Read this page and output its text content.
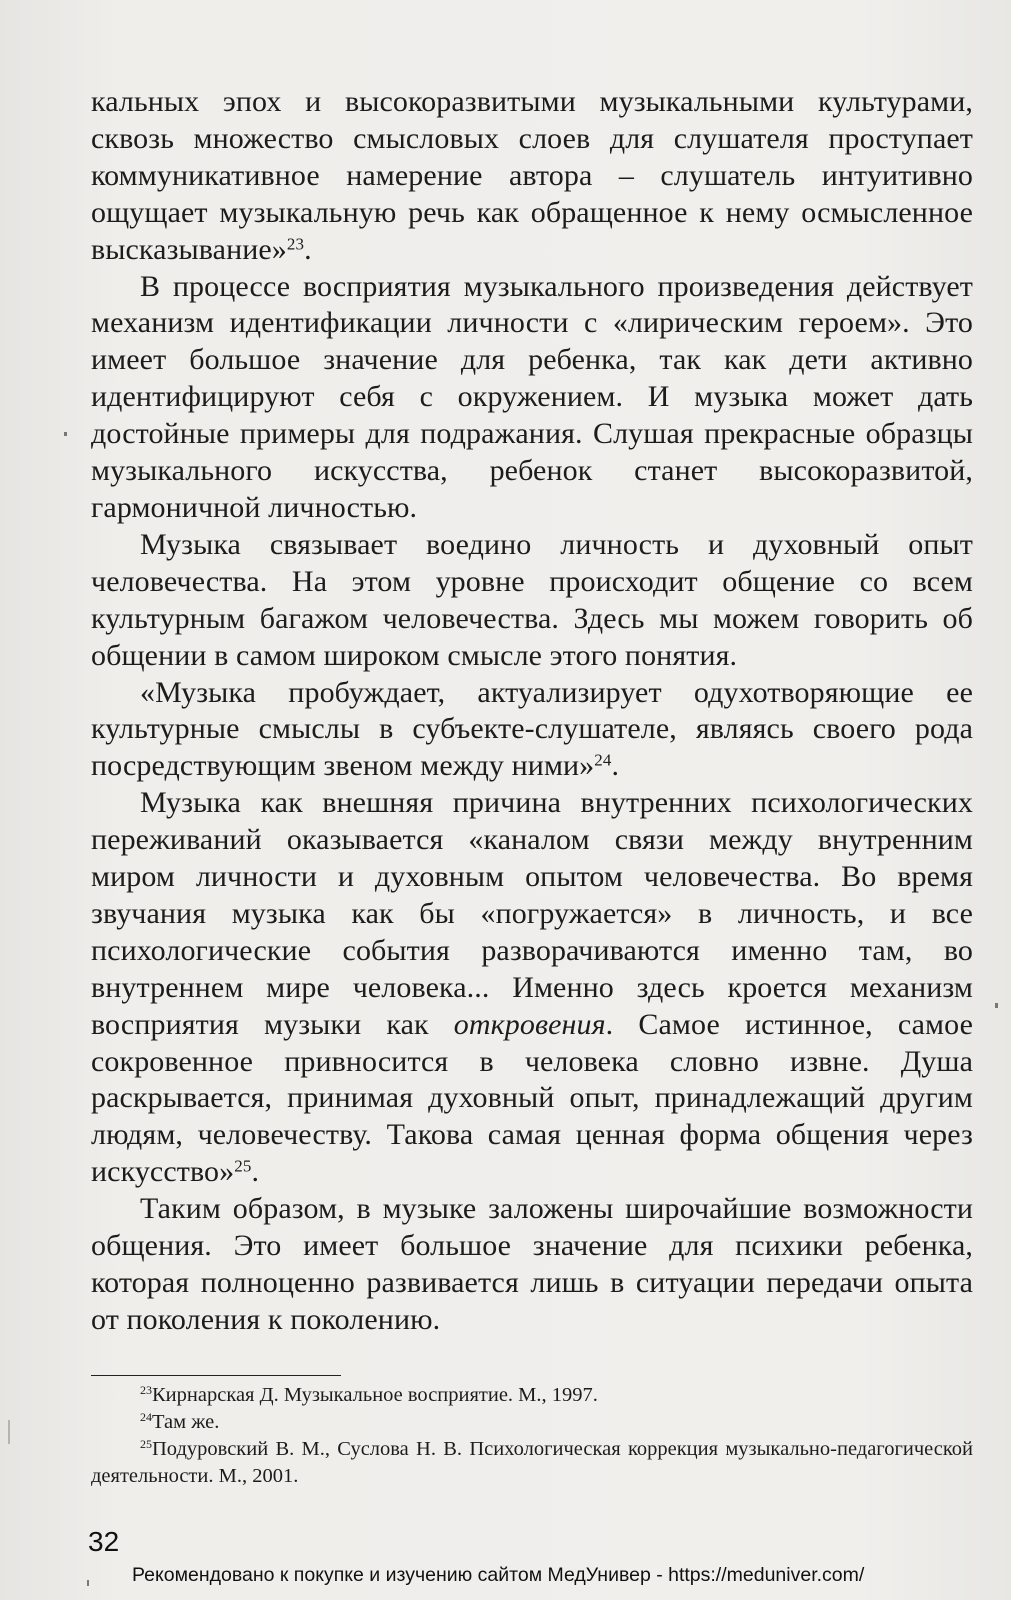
кальных эпох и высокоразвитыми музыкальными культурами, сквозь множество смысловых слоев для слушателя проступает коммуникативное намерение автора – слушатель интуитивно ощущает музыкальную речь как обращенное к нему осмысленное высказывание»$^{23}$.

В процессе восприятия музыкального произведения действует механизм идентификации личности с «лирическим героем». Это имеет большое значение для ребенка, так как дети активно идентифицируют себя с окружением. И музыка может дать достойные примеры для подражания. Слушая прекрасные образцы музыкального искусства, ребенок станет высокоразвитой, гармоничной личностью.

Музыка связывает воедино личность и духовный опыт человечества. На этом уровне происходит общение со всем культурным багажом человечества. Здесь мы можем говорить об общении в самом широком смысле этого понятия.

«Музыка пробуждает, актуализирует одухотворяющие ее культурные смыслы в субъекте-слушателе, являясь своего рода посредствующим звеном между ними»$^{24}$.

Музыка как внешняя причина внутренних психологических переживаний оказывается «каналом связи между внутренним миром личности и духовным опытом человечества. Во время звучания музыка как бы «погружается» в личность, и все психологические события разворачиваются именно там, во внутреннем мире человека... Именно здесь кроется механизм восприятия музыки как откровения. Самое истинное, самое сокровенное привносится в человека словно извне. Душа раскрывается, принимая духовный опыт, принадлежащий другим людям, человечеству. Такова самая ценная форма общения через искусство»$^{25}$.

Таким образом, в музыке заложены широчайшие возможности общения. Это имеет большое значение для психики ребенка, которая полноценно развивается лишь в ситуации передачи опыта от поколения к поколению.

$^{23}$Кирнарская Д. Музыкальное восприятие. М., 1997.

$^{24}$Там же.

$^{25}$Подуровский В. М., Суслова Н. В. Психологическая коррекция музыкально-педагогической деятельности. М., 2001.

32
Рекомендовано к покупке и изучению сайтом МедУнивер - https://meduniver.com/
